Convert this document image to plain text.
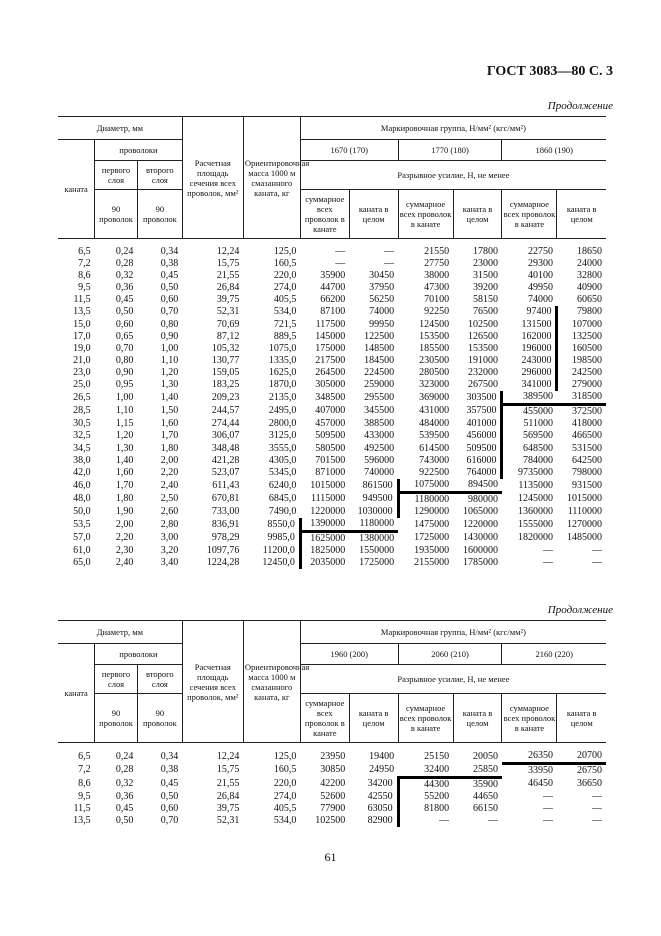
ГОСТ 3083—80 С. 3
Продолжение
Диаметр, мм			Расчетная площадь сечения всех проволок, мм²	Ориентировочная масса 1000 м смазанного каната, кг	Маркировочная группа, Н/мм² (кгс/мм²)					
каната	проволоки				1670 (170)		1770 (180)		1860 (190)	
	первого слоя	второго слоя			Разрывное усилие, Н, не менее					
	90 проволок	90 проволок			суммарное всех проволок в канате	каната в целом	суммарное всех проволок в канате	каната в целом	суммарное всех проволок в канате	каната в целом
6,5	0,24	0,34	12,24	125,0	—	—	21550	17800	22750	18650
7,2	0,28	0,38	15,75	160,5	—	—	27750	23000	29300	24000
8,6	0,32	0,45	21,55	220,0	35900	30450	38000	31500	40100	32800
9,5	0,36	0,50	26,84	274,0	44700	37950	47300	39200	49950	40900
11,5	0,45	0,60	39,75	405,5	66200	56250	70100	58150	74000	60650
13,5	0,50	0,70	52,31	534,0	87100	74000	92250	76500	97400	79800
15,0	0,60	0,80	70,69	721,5	117500	99950	124500	102500	131500	107000
17,0	0,65	0,90	87,12	889,5	145000	122500	153500	126500	162000	132500
19,0	0,70	1,00	105,32	1075,0	175000	148500	185500	153500	196000	160500
21,0	0,80	1,10	130,77	1335,0	217500	184500	230500	191000	243000	198500
23,0	0,90	1,20	159,05	1625,0	264500	224500	280500	232000	296000	242500
25,0	0,95	1,30	183,25	1870,0	305000	259000	323000	267500	341000	279000
26,5	1,00	1,40	209,23	2135,0	348500	295500	369000	303500	389500	318500
28,5	1,10	1,50	244,57	2495,0	407000	345500	431000	357500	455000	372500
30,5	1,15	1,60	274,44	2800,0	457000	388500	484000	401000	511000	418000
32,5	1,20	1,70	306,07	3125,0	509500	433000	539500	456000	569500	466500
34,5	1,30	1,80	348,48	3555,0	580500	492500	614500	509500	648500	531500
38,0	1,40	2,00	421,28	4305,0	701500	596000	743000	616000	784000	642500
42,0	1,60	2,20	523,07	5345,0	871000	740000	922500	764000	9735000	798000
46,0	1,70	2,40	611,43	6240,0	1015000	861500	1075000	894500	1135000	931500
48,0	1,80	2,50	670,81	6845,0	1115000	949500	1180000	980000	1245000	1015000
50,0	1,90	2,60	733,00	7490,0	1220000	1030000	1290000	1065000	1360000	1110000
53,5	2,00	2,80	836,91	8550,0	1390000	1180000	1475000	1220000	1555000	1270000
57,0	2,20	3,00	978,29	9985,0	1625000	1380000	1725000	1430000	1820000	1485000
61,0	2,30	3,20	1097,76	11200,0	1825000	1550000	1935000	1600000	—	—
65,0	2,40	3,40	1224,28	12450,0	2035000	1725000	2155000	1785000	—	—
Продолжение
Диаметр, мм			Расчетная площадь сечения всех проволок, мм²	Ориентировочная масса 1000 м смазанного каната, кг	Маркировочная группа, Н/мм² (кгс/мм²)					
каната	проволоки				1960 (200)		2060 (210)		2160 (220)	
	первого слоя	второго слоя			Разрывное усилие, Н, не менее					
	90 проволок	90 проволок			суммарное всех проволок в канате	каната в целом	суммарное всех проволок в канате	каната в целом	суммарное всех проволок в канате	каната в целом
6,5	0,24	0,34	12,24	125,0	23950	19400	25150	20050	26350	20700
7,2	0,28	0,38	15,75	160,5	30850	24950	32400	25850	33950	26750
8,6	0,32	0,45	21,55	220,0	42200	34200	44300	35900	46450	36650
9,5	0,36	0,50	26,84	274,0	52600	42550	55200	44650	—	—
11,5	0,45	0,60	39,75	405,5	77900	63050	81800	66150	—	—
13,5	0,50	0,70	52,31	534,0	102500	82900	—	—	—	—
61
